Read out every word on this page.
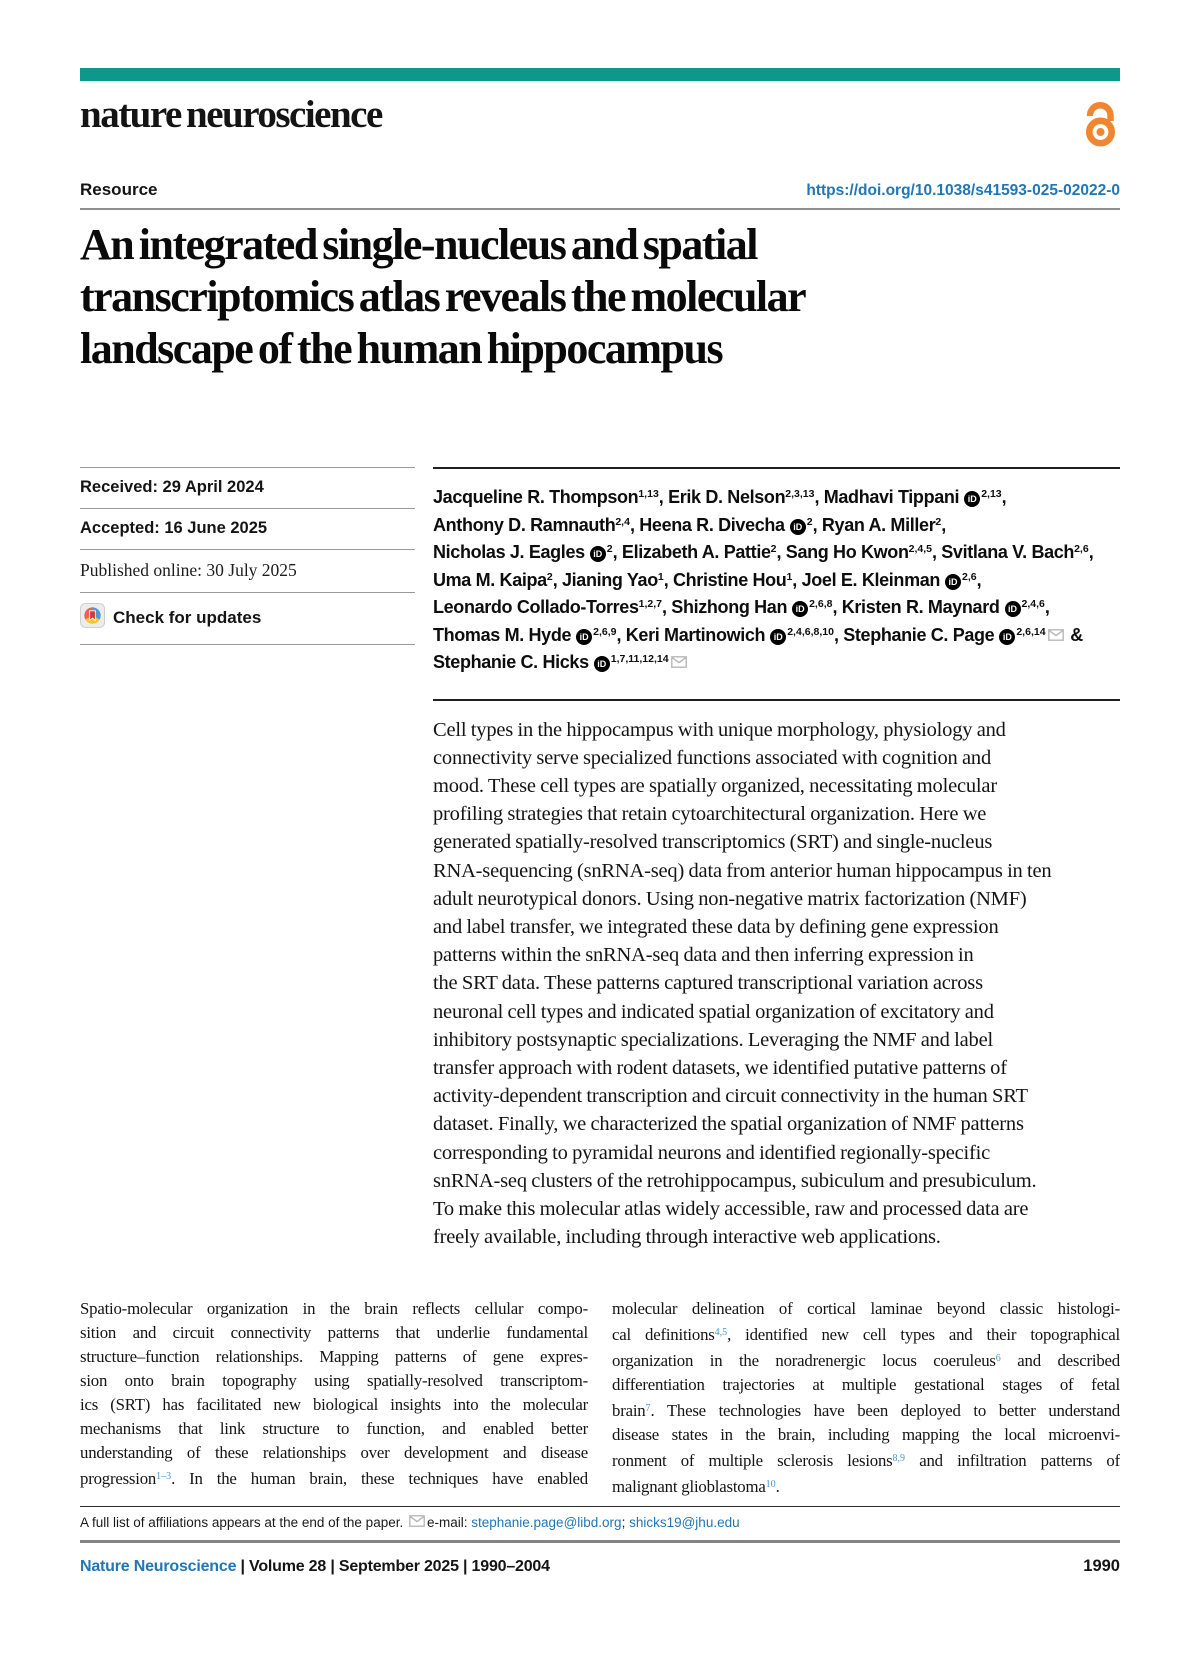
nature neuroscience
Resource	https://doi.org/10.1038/s41593-025-02022-0
An integrated single-nucleus and spatial
transcriptomics atlas reveals the molecular
landscape of the human hippocampus
Received: 29 April 2024
Accepted: 16 June 2025
Published online: 30 July 2025
Check for updates
Jacqueline R. Thompson$^{1,13}$, Erik D. Nelson$^{2,3,13}$, Madhavi Tippani iD $^{2,13}$,
Anthony D. Ramnauth$^{2,4}$, Heena R. Divecha iD $^2$, Ryan A. Miller$^2$,
Nicholas J. Eagles iD $^2$, Elizabeth A. Pattie$^2$, Sang Ho Kwon$^{2,4,5}$, Svitlana V. Bach$^{2,6}$,
Uma M. Kaipa$^2$, Jianing Yao$^1$, Christine Hou$^1$, Joel E. Kleinman iD $^{2,6}$,
Leonardo Collado-Torres$^{1,2,7}$, Shizhong Han iD $^{2,6,8}$, Kristen R. Maynard iD $^{2,4,6}$,
Thomas M. Hyde iD $^{2,6,9}$, Keri Martinowich iD $^{2,4,6,8,10}$, Stephanie C. Page iD $^{2,6,14}$ &
Stephanie C. Hicks iD $^{1,7,11,12,14}$
Cell types in the hippocampus with unique morphology, physiology and
connectivity serve specialized functions associated with cognition and
mood. These cell types are spatially organized, necessitating molecular
profiling strategies that retain cytoarchitectural organization. Here we
generated spatially-resolved transcriptomics (SRT) and single-nucleus
RNA-sequencing (snRNA-seq) data from anterior human hippocampus in ten
adult neurotypical donors. Using non-negative matrix factorization (NMF)
and label transfer, we integrated these data by defining gene expression
patterns within the snRNA-seq data and then inferring expression in
the SRT data. These patterns captured transcriptional variation across
neuronal cell types and indicated spatial organization of excitatory and
inhibitory postsynaptic specializations. Leveraging the NMF and label
transfer approach with rodent datasets, we identified putative patterns of
activity-dependent transcription and circuit connectivity in the human SRT
dataset. Finally, we characterized the spatial organization of NMF patterns
corresponding to pyramidal neurons and identified regionally-specific
snRNA-seq clusters of the retrohippocampus, subiculum and presubiculum.
To make this molecular atlas widely accessible, raw and processed data are
freely available, including through interactive web applications.
Spatio-molecular organization in the brain reflects cellular compo-
sition and circuit connectivity patterns that underlie fundamental
structure–function relationships. Mapping patterns of gene expres-
sion onto brain topography using spatially-resolved transcriptom-
ics (SRT) has facilitated new biological insights into the molecular
mechanisms that link structure to function, and enabled better
understanding of these relationships over development and disease
progression$^{1-3}$. In the human brain, these techniques have enabled
molecular delineation of cortical laminae beyond classic histologi-
cal definitions$^{4,5}$, identified new cell types and their topographical
organization in the noradrenergic locus coeruleus$^6$ and described
differentiation trajectories at multiple gestational stages of fetal
brain$^7$. These technologies have been deployed to better understand
disease states in the brain, including mapping the local microenvi-
ronment of multiple sclerosis lesions$^{8,9}$ and infiltration patterns of
malignant glioblastoma$^{10}$.
A full list of affiliations appears at the end of the paper. e-mail: stephanie.page@libd.org; shicks19@jhu.edu
Nature Neuroscience | Volume 28 | September 2025 | 1990–2004	1990
